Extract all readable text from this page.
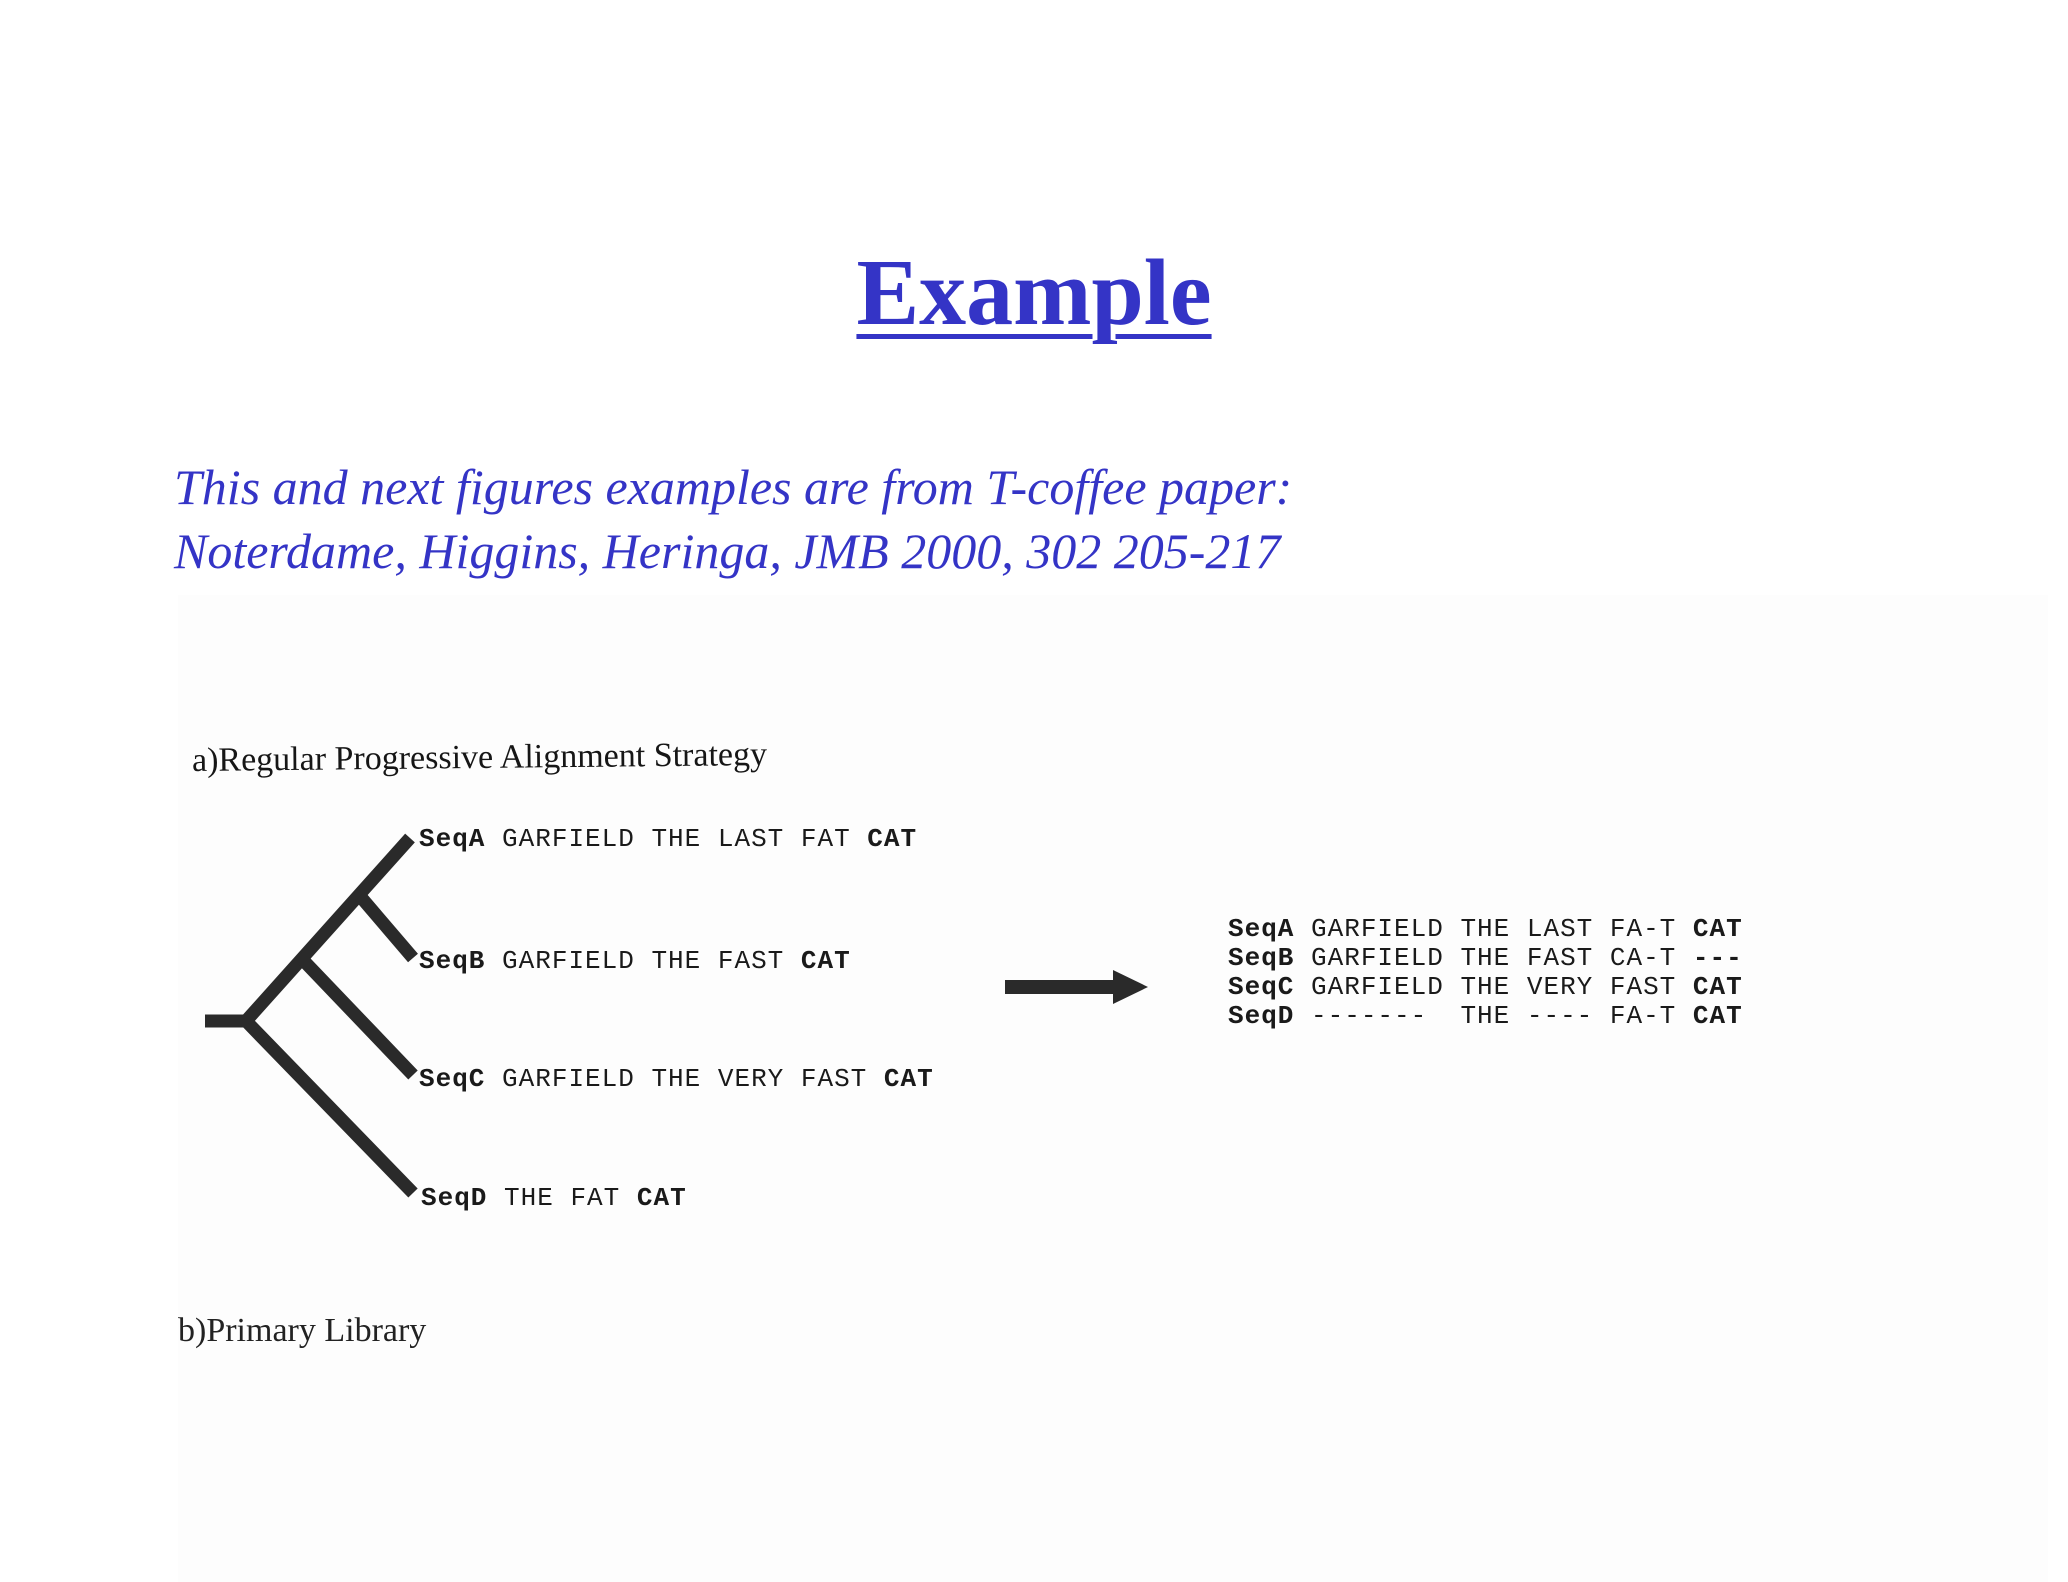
Example
This and next figures examples are from T-coffee paper:
Noterdame, Higgins, Heringa, JMB 2000, 302 205-217
a)Regular Progressive Alignment Strategy
SeqA GARFIELD THE LAST FAT CAT
SeqB GARFIELD THE FAST CAT
SeqC GARFIELD THE VERY FAST CAT
SeqD THE FAT CAT
SeqA GARFIELD THE LAST FA-T CAT
SeqB GARFIELD THE FAST CA-T ---
SeqC GARFIELD THE VERY FAST CAT
SeqD -------  THE ---- FA-T CAT
